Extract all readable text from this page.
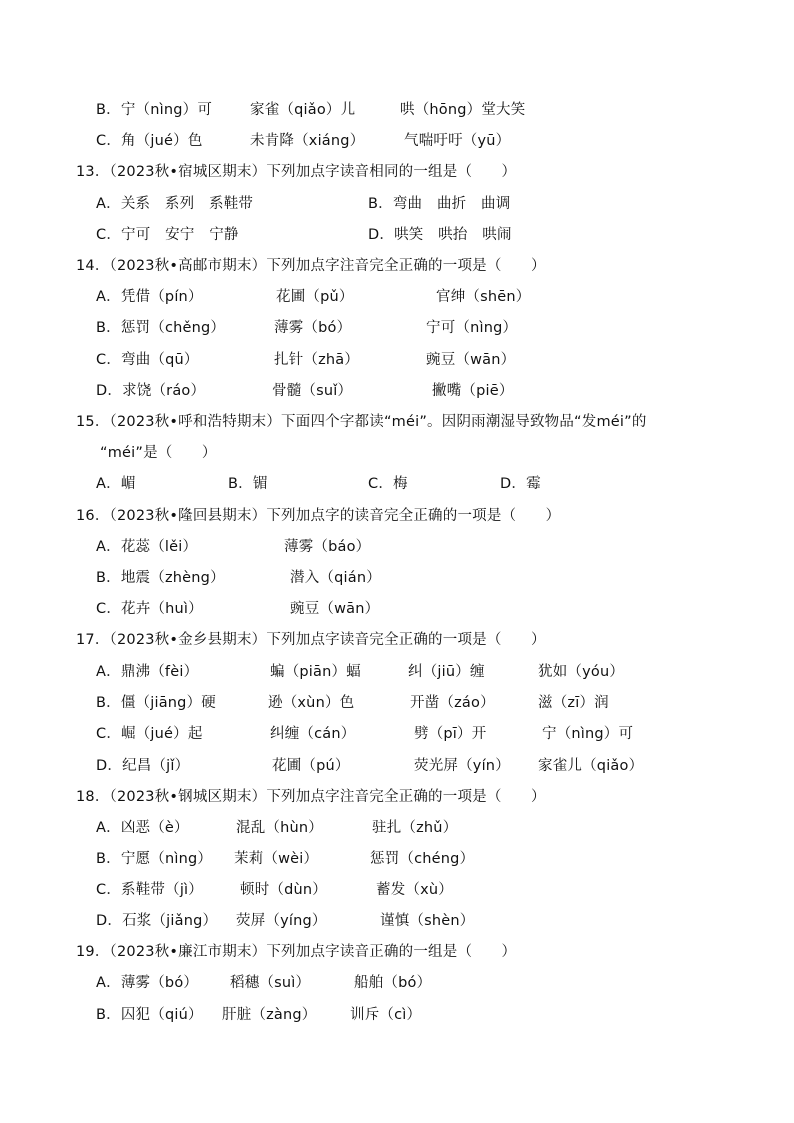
B．宁（nìng）可	家雀（qiǎo）儿	哄（hōng）堂大笑
C．角（jué）色	未肯降（xiáng）	气喘吁吁（yū）
13．（2023秋•宿城区期末）下列加点字读音相同的一组是（　　）
A．关系　系列　系鞋带	B．弯曲　曲折　曲调
C．宁可　安宁　宁静	D．哄笑　哄抬　哄闹
14．（2023秋•高邮市期末）下列加点字注音完全正确的一项是（　　）
A．凭借（pín）	花圃（pǔ）	官绅（shēn）
B．惩罚（chěng）	薄雾（bó）	宁可（nìng）
C．弯曲（qū）	扎针（zhā）	豌豆（wān）
D．求饶（ráo）	骨髓（suǐ）	撇嘴（piē）
15．（2023秋•呼和浩特期末）下面四个字都读“méi”。因阴雨潮湿导致物品“发méi”的
“méi”是（　　）
A．嵋	B．镅	C．梅	D．霉
16．（2023秋•隆回县期末）下列加点字的读音完全正确的一项是（　　）
A．花蕊（lěi）	薄雾（báo）
B．地震（zhèng）	潜入（qián）
C．花卉（huì）	豌豆（wān）
17．（2023秋•金乡县期末）下列加点字读音完全正确的一项是（　　）
A．鼎沸（fèi）	蝙（piān）蝠	纠（jiū）缠	犹如（yóu）
B．僵（jiāng）硬	逊（xùn）色	开凿（záo）	滋（zī）润
C．崛（jué）起	纠缠（cán）	劈（pī）开	宁（nìng）可
D．纪昌（jǐ）	花圃（pú）	荧光屏（yín） 家雀儿（qiǎo）
18．（2023秋•钢城区期末）下列加点字注音完全正确的一项是（　　）
A．凶恶（è）	混乱（hùn）	驻扎（zhǔ）
B．宁愿（nìng） 茉莉（wèi）	惩罚（chéng）
C．系鞋带（jì）	顿时（dùn）	蓄发（xù）
D．石浆（jiǎng） 荧屏（yíng）	谨慎（shèn）
19．（2023秋•廉江市期末）下列加点字读音正确的一组是（　　）
A．薄雾（bó） 稻穗（suì）	船舶（bó）
B．囚犯（qiú） 肝脏（zàng） 训斥（cì）
